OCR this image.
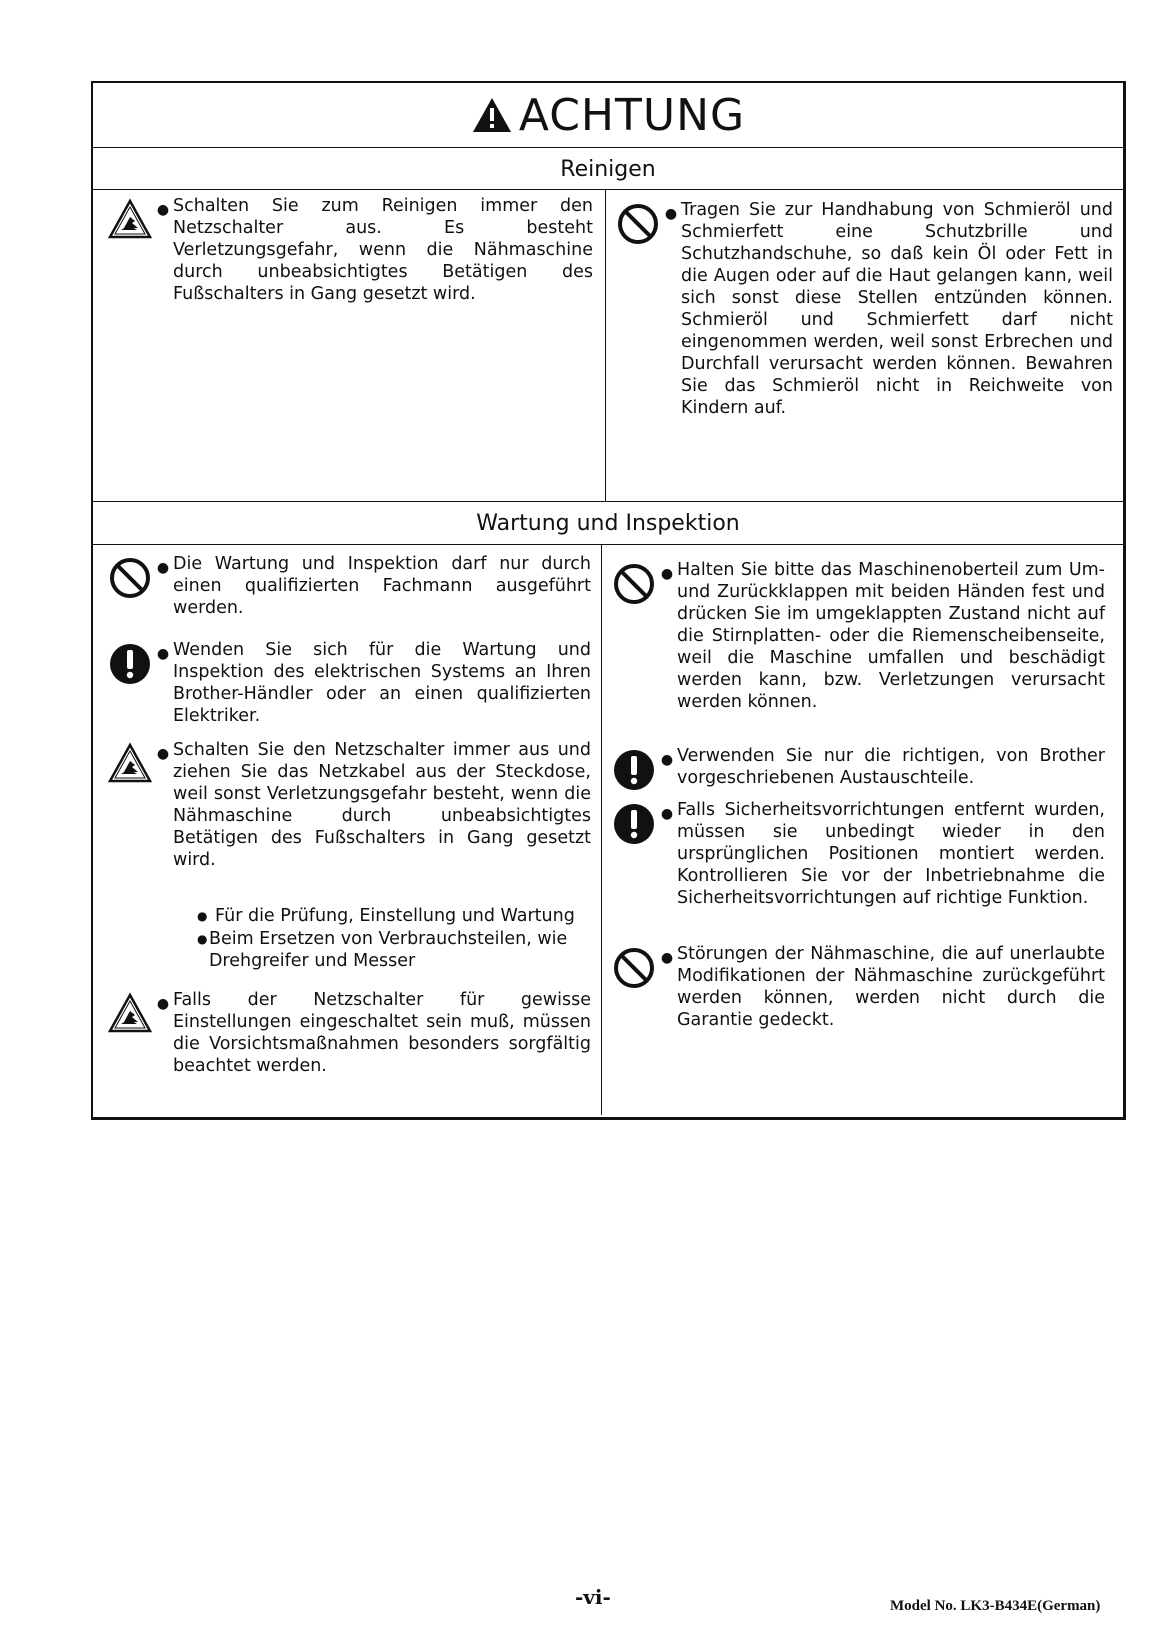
ACHTUNG
Reinigen
● Schalten Sie zum Reinigen immer den Netzschalter aus. Es besteht Verletzungsgefahr, wenn die Nähmaschine durch unbeabsichtigtes Betätigen des Fußschalters in Gang gesetzt wird.
● Tragen Sie zur Handhabung von Schmieröl und Schmierfett eine Schutzbrille und Schutzhandschuhe, so daß kein Öl oder Fett in die Augen oder auf die Haut gelangen kann, weil sich sonst diese Stellen entzünden können. Schmieröl und Schmierfett darf nicht eingenommen werden, weil sonst Erbrechen und Durchfall verursacht werden können. Bewahren Sie das Schmieröl nicht in Reichweite von Kindern auf.
Wartung und Inspektion
● Die Wartung und Inspektion darf nur durch einen qualifizierten Fachmann ausgeführt werden.
● Wenden Sie sich für die Wartung und Inspektion des elektrischen Systems an Ihren Brother-Händler oder an einen qualifizierten Elektriker.
● Schalten Sie den Netzschalter immer aus und ziehen Sie das Netzkabel aus der Steckdose, weil sonst Verletzungsgefahr besteht, wenn die Nähmaschine durch unbeabsichtigtes Betätigen des Fußschalters in Gang gesetzt wird.
● Für die Prüfung, Einstellung und Wartung
● Beim Ersetzen von Verbrauchsteilen, wie Drehgreifer und Messer
● Falls der Netzschalter für gewisse Einstellungen eingeschaltet sein muß, müssen die Vorsichtsmaßnahmen besonders sorgfältig beachtet werden.
● Halten Sie bitte das Maschinenoberteil zum Um- und Zurückklappen mit beiden Händen fest und drücken Sie im umgeklappten Zustand nicht auf die Stirnplatten- oder die Riemenscheibenseite, weil die Maschine umfallen und beschädigt werden kann, bzw. Verletzungen verursacht werden können.
● Verwenden Sie nur die richtigen, von Brother vorgeschriebenen Austauschteile.
● Falls Sicherheitsvorrichtungen entfernt wurden, müssen sie unbedingt wieder in den ursprünglichen Positionen montiert werden. Kontrollieren Sie vor der Inbetriebnahme die Sicherheitsvorrichtungen auf richtige Funktion.
● Störungen der Nähmaschine, die auf unerlaubte Modifikationen der Nähmaschine zurückgeführt werden können, werden nicht durch die Garantie gedeckt.
-vi-	Model No. LK3-B434E(German)
